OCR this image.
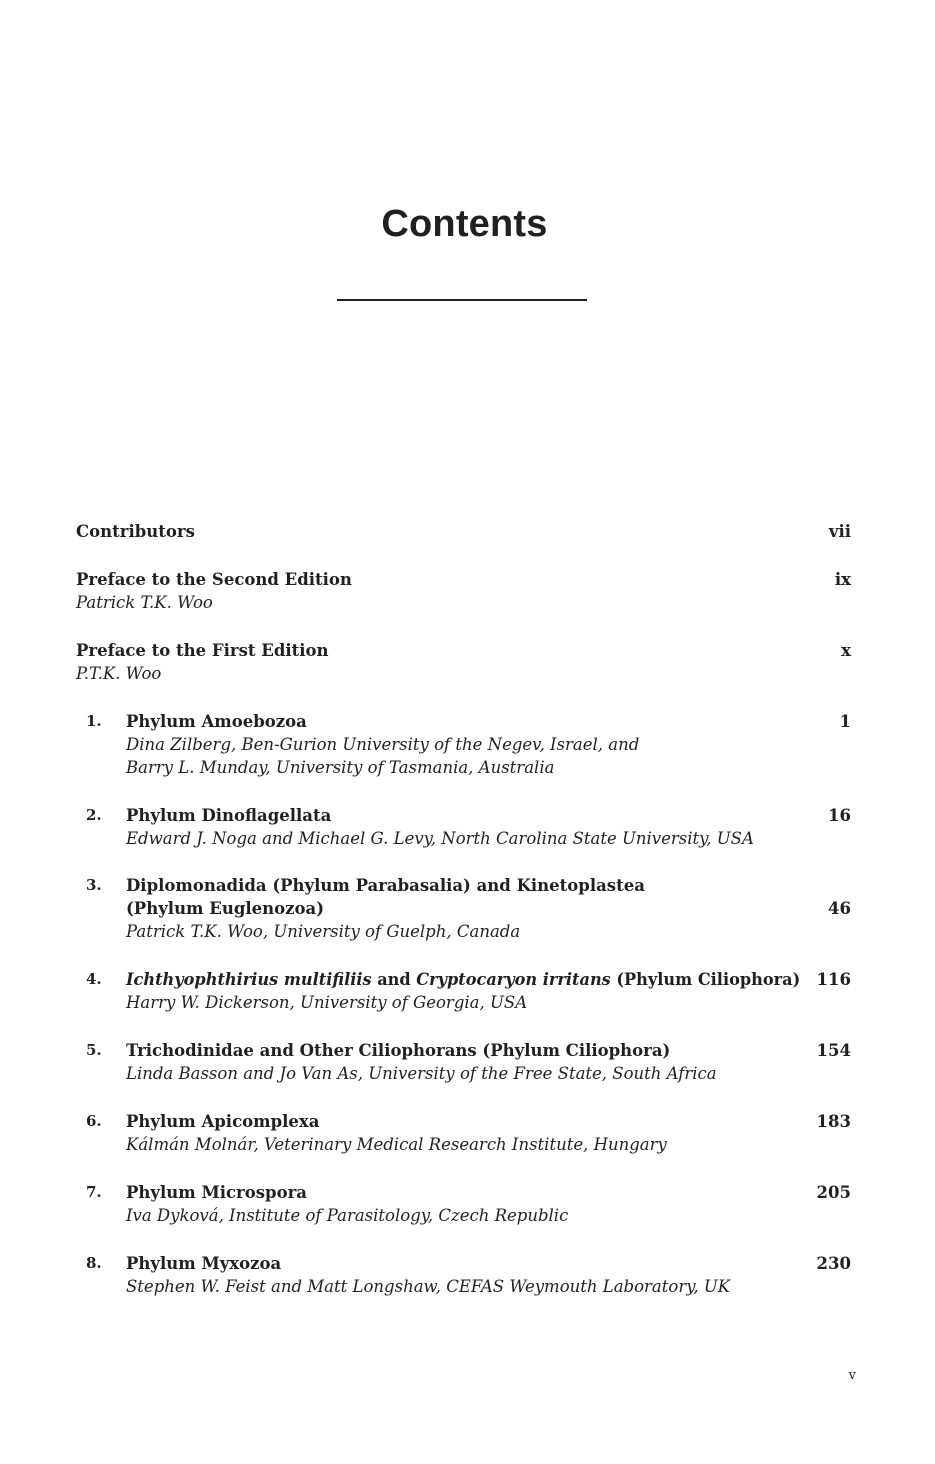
Contents
Contributors	vii
Preface to the Second Edition	ix
Patrick T.K. Woo
Preface to the First Edition	x
P.T.K. Woo
1. Phylum Amoebozoa	1
Dina Zilberg, Ben-Gurion University of the Negev, Israel, and
Barry L. Munday, University of Tasmania, Australia
2. Phylum Dinoflagellata	16
Edward J. Noga and Michael G. Levy, North Carolina State University, USA
3. Diplomonadida (Phylum Parabasalia) and Kinetoplastea
(Phylum Euglenozoa)	46
Patrick T.K. Woo, University of Guelph, Canada
4. Ichthyophthirius multifiliis and Cryptocaryon irritans (Phylum Ciliophora) 116
Harry W. Dickerson, University of Georgia, USA
5. Trichodinidae and Other Ciliophorans (Phylum Ciliophora)	154
Linda Basson and Jo Van As, University of the Free State, South Africa
6. Phylum Apicomplexa	183
Kálmán Molnár, Veterinary Medical Research Institute, Hungary
7. Phylum Microspora	205
Iva Dyková, Institute of Parasitology, Czech Republic
8. Phylum Myxozoa	230
Stephen W. Feist and Matt Longshaw, CEFAS Weymouth Laboratory, UK
v
